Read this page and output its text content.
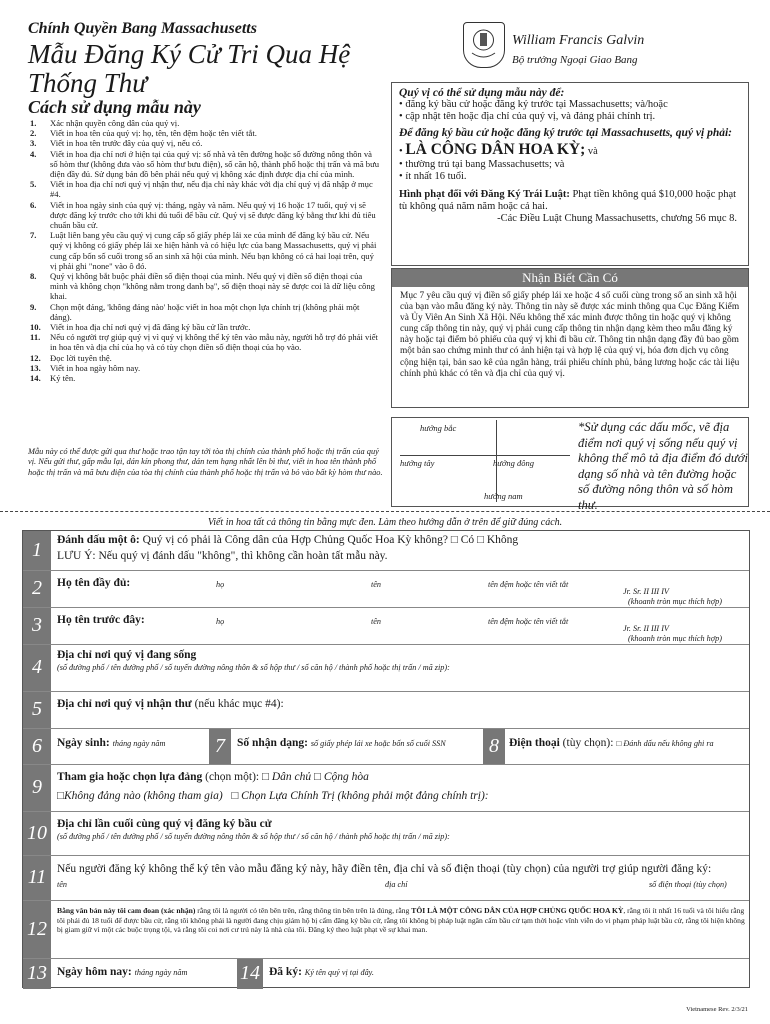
Chính Quyền Bang Massachusetts
Mẫu Đăng Ký Cử Tri Qua Hệ Thống Thư
William Francis Galvin
Bộ trưởng Ngoại Giao Bang
Cách sử dụng mẫu này
1. Xác nhận quyền công dân của quý vị.
2. Viết in hoa tên của quý vị: họ, tên, tên đệm hoặc tên viết tắt.
3. Viết in hoa tên trước đây của quý vị, nếu có.
4. Viết in hoa địa chỉ nơi ở hiện tại của quý vị: số nhà và tên đường hoặc số đường nông thôn và số hòm thư (không đưa vào số hòm thư bưu điện), số căn hộ, thành phố hoặc thị trấn và mã bưu điện đầy đủ. Sử dụng bản đồ bên phải nếu quý vị không xác định được địa chỉ của mình.
5. Viết in hoa địa chỉ nơi quý vị nhận thư, nếu địa chỉ này khác với địa chỉ quý vị đã nhập ở mục #4.
6. Viết in hoa ngày sinh của quý vị: tháng, ngày và năm. Nếu quý vị 16 hoặc 17 tuổi, quý vị sẽ được đăng ký trước cho tới khi đủ tuổi để bầu cử. Quý vị sẽ được đăng ký bằng thư khi đủ tiêu chuẩn bầu cử.
7. Luật liên bang yêu cầu quý vị cung cấp số giấy phép lái xe của mình để đăng ký bầu cử. Nếu quý vị không có giấy phép lái xe hiện hành và có hiệu lực của bang Massachusetts, quý vị phải cung cấp bốn số cuối trong số an sinh xã hội của mình. Nếu bạn không có cả hai loại trên, quý vị phải ghi "none" vào ô đó.
8. Quý vị không bắt buộc phải điền số điện thoại của mình. Nếu quý vị điền số điện thoại của mình và không chọn "không nằm trong danh bạ", số điện thoại này sẽ được coi là dữ liệu công khai.
9. Chọn một đảng, 'không đảng nào' hoặc viết in hoa một chọn lựa chính trị (không phải một đảng).
10. Viết in hoa địa chỉ nơi quý vị đã đăng ký bầu cử lần trước.
11. Nếu có người trợ giúp quý vị vì quý vị không thể ký tên vào mẫu này, người hỗ trợ đó phải viết in hoa tên và địa chỉ của họ và có tùy chọn điền số điện thoại của họ vào.
12. Đọc lời tuyên thệ.
13. Viết in hoa ngày hôm nay.
14. Ký tên.
Mẫu này có thể được gửi qua thư hoặc trao tận tay tới tòa thị chính của thành phố hoặc thị trấn của quý vị. Nếu gửi thư, gấp mẫu lại, dán kín phong thư, dán tem hạng nhất lên bì thư, viết in hoa tên thành phố hoặc thị trấn và mã bưu điện của tòa thị chính của thành phố hoặc thị trấn và bỏ vào bất kỳ hòm thư nào.
Quý vị có thể sử dụng mẫu này để:
• đăng ký bầu cử hoặc đăng ký trước tại Massachusetts; và/hoặc
• cập nhật tên hoặc địa chỉ của quý vị, và đảng phải chính trị.
Để đăng ký bầu cử hoặc đăng ký trước tại Massachusetts, quý vị phải:
• LÀ CÔNG DÂN HOA KỲ; và
• thường trú tại bang Massachusetts; và
• ít nhất 16 tuổi.
Hình phạt đối với Đăng Ký Trái Luật: Phạt tiền không quá $10,000 hoặc phạt tù không quá năm năm hoặc cả hai.
-Các Điều Luật Chung Massachusetts, chương 56 mục 8.
Nhận Biết Cần Có
Mục 7 yêu cầu quý vị điền số giấy phép lái xe hoặc 4 số cuối cùng trong số an sinh xã hội của bạn vào mẫu đăng ký này. Thông tin này sẽ được xác minh thông qua Cục Đăng Kiểm và Ủy Viên An Sinh Xã Hội. Nếu không thể xác minh được thông tin hoặc quý vị không cung cấp thông tin này, quý vị phải cung cấp thông tin nhận dạng kèm theo mẫu đăng ký này hoặc tại điểm bỏ phiếu của quý vị khi đi bầu cử. Thông tin nhận dạng đầy đủ bao gồm một bản sao chứng minh thư có ảnh hiện tại và hợp lệ của quý vị, hóa đơn dịch vụ công cộng hiện tại, bản sao kê của ngân hàng, trái phiếu chính phủ, bảng lương hoặc các tài liệu chính phủ khác có tên và địa chỉ của quý vị.
hướng bắc
hướng tây	hướng đông
hướng nam
*Sử dụng các dấu mốc, vẽ địa điểm nơi quý vị sống nếu quý vị không thể mô tả địa điểm đó dưới dạng số nhà và tên đường hoặc số đường nông thôn và số hòm thư.
Viết in hoa tất cả thông tin bằng mực đen. Làm theo hướng dẫn ở trên để giữ đúng cách.
1	Đánh dấu một ô: Quý vị có phải là Công dân của Hợp Chủng Quốc Hoa Kỳ không? □ Có □ Không
LƯU Ý: Nếu quý vị đánh dấu "không", thì không cần hoàn tất mẫu này.
2	Họ tên đầy đủ:	họ	tên	tên đệm hoặc tên viết tắt
Jr. Sr. II III IV
(khoanh tròn mục thích hợp)
3	Họ tên trước đây:	họ	tên	tên đệm hoặc tên viết tắt
Jr. Sr. II III IV
(khoanh tròn mục thích hợp)
4
Địa chỉ nơi quý vị đang sống
(số đường phố / tên đường phố / số tuyến đường nông thôn & số hộp thư / số căn hộ / thành phố hoặc thị trấn / mã zip):
5	Địa chỉ nơi quý vị nhận thư (nếu khác mục #4):
6	Ngày sinh: tháng ngày năm	7	Số nhận dạng: số giấy phép lái xe hoặc bốn số cuối SSN	8 Điện thoại (tùy chọn): □ Đánh dấu nếu không ghi ra
9	Tham gia hoặc chọn lựa đảng (chọn một): □ Dân chủ □ Cộng hòa
□Không đảng nào (không tham gia) □ Chọn Lựa Chính Trị (không phải một đảng chính trị):
10 Địa chỉ lần cuối cùng quý vị đăng ký bầu cử
(số đường phố / tên đường phố / số tuyến đường nông thôn & số hộp thư / số căn hộ / thành phố hoặc thị trấn / mã zip):
11 Nếu người đăng ký không thể ký tên vào mẫu đăng ký này, hãy điền tên, địa chỉ và số điện thoại (tùy chọn) của người trợ giúp người đăng ký:
tên	địa chỉ	số điện thoại (tùy chọn)
12
Bằng văn bản này tôi cam đoan (xác nhận) rằng tôi là người có tên bên trên, rằng thông tin bên trên là đúng, rằng TÔI LÀ MỘT CÔNG DÂN CỦA HỢP CHỦNG QUỐC HOA KỲ, rằng tôi ít nhất 16 tuổi và tôi hiểu rằng tôi phải đủ 18 tuổi để được bầu cử, rằng tôi không phải là người đang chịu giám hộ bị cấm đăng ký bầu cử, rằng tôi không bị pháp luật ngăn cấm bầu cử tạm thời hoặc vĩnh viễn do vi phạm pháp luật bầu cử, rằng tôi hiện không bị giam giữ vì một các buộc trọng tội, và rằng tôi coi nơi cư trú này là nhà của tôi. Đăng ký theo luật phạt về sự khai man.
13 Ngày hôm nay: tháng ngày năm	14 Đã ký: Ký tên quý vị tại đây.
Vietnamese Rev. 2/3/21
